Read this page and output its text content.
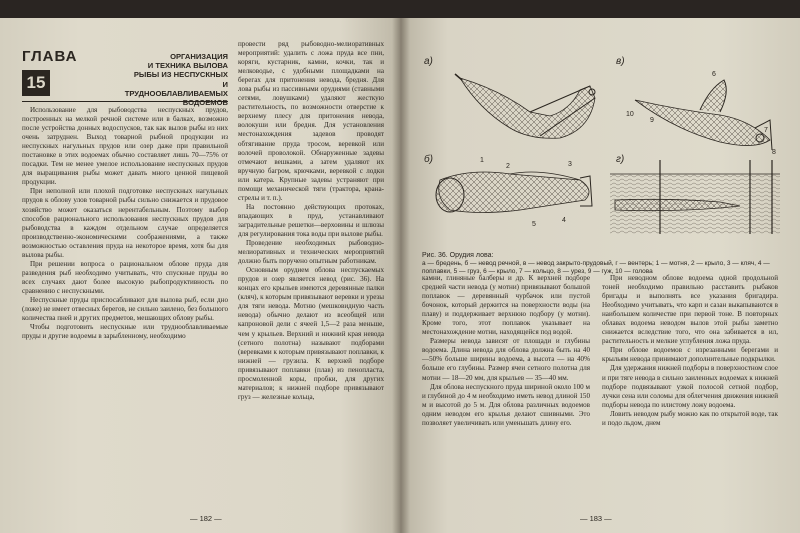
ГЛАВА
15
ОРГАНИЗАЦИЯ
И ТЕХНИКА ВЫЛОВА
РЫБЫ ИЗ НЕСПУСКНЫХ
И
ТРУДНОOБЛАВЛИВАЕМЫХ
ВОДОЕМОВ

Использование для рыбоводства неспускных прудов, построенных на мелкой речной системе или в балках, возможно после устройства донных водоспусков, так как вылов рыбы из них очень затруднен. Выход товарной рыбной продукции из неспускных нагульных прудов или озер даже при правильной постановке в этих водоемах обычно составляет лишь 70—75% от посадки. Тем не менее умелое использование неспускных прудов для выращивания рыбы может давать много ценной пищевой продукции.

При неполной или плохой подготовке неспускных нагульных прудов к облову улов товарной рыбы сильно снижается и прудовое хозяйство может оказаться нерентабельным. Поэтому выбор способов рационального использования неспускных прудов для рыбоводства в каждом отдельном случае определяется производственно-экономическими соображениями, а также возможностью оставления пруда на некоторое время, хотя бы для вылова рыбы.

При решении вопроса о рациональном облове пруда для разведения рыб необходимо учитывать, что спускные пруды во всех случаях дают более высокую рыбопродуктивность по сравнению с неспускными.

Неспускные пруды приспосабливают для вылова рыб, если дно (ложе) не имеет отвесных берегов, не сильно заилено, без большого количества пней и других предметов, мешающих облову рыбы.

Чтобы подготовить неспускные или трудноoблавливаемые пруды и другие водоемы в зарыбленному, необходимо

провести ряд рыбоводно-мелиоративных мероприятий: удалить с ложа пруда все пни, коряги, кустарник, камни, кочки, так и мелководье, с удобными площадками на берегах для притонения невода, бредня. Для лова рыбы из пассивными орудиями (ставными сетями, ловушками) удаляют жесткую растительность, по возможности отверстие к верхнему плесу для притонения невода, волокуши или бредня. Для установления местонахождения задевов проводят обтягивание пруда тросом, веревкой или волочей проволокой. Обнаруженные задевы отмечают вешками, а затем удаляют их вручную багром, крючками, веревкой с лодки или катера. Крупные задевы устраняют при помощи механической тяги (трактора, крана-стрелы и т. п.).

На постоянно действующих протоках, впадающих в пруд, устанавливают заградительные решетки—верховины и шлюзы для регулирования тока воды при вылове рыбы.

Проведение необходимых рыбоводно-мелиоративных и технических мероприятий должно быть поручено опытным работникам.

Основным орудием облова неспускаемых прудов и озер является невод (рис. 36). На концах его крыльев имеются деревянные палки (кляч), к которым привязывают веревки и урезы для тяги невода. Мотню (мешковидную часть невода) обычно делают из всеобщей или капроновой дели с ячеей 1,5—2 раза меньше, чем у крыльев. Верхний и нижний края невода (сетного полотна) называют подборами (веревками к которым привязывают поплавки, к нижней — грузила. К верхней подборе привязывают поплавки (плав) из пенопласта, просмоленной коры, пробки, для других материалов; к нижней подборе привязывают груз — железные кольца,

— 182 —
а)
б)
в)
г)
1
2	3
4
5
6
7
8
9
10
Рис. 36. Орудия лова:
а — бредень, б — невод речной, в — невод закрыто-прудовый, г — вентерь; 1 — мотня, 2 — крыло, 3 — кляч, 4 — поплавки, 5 — груз, 6 — крыло, 7 — кольцо, 8 — урез, 9 — гуж, 10 — голова

камни, глиняные балберы и др. К верхней подборе средней части невода (у мотни) привязывают большой поплавок — деревянный чурбачок или пустой бочонок, который держится на поверхности воды (на плаву) и поддерживает верхнюю подбору (у мотни). Кроме того, этот поплавок указывает на местонахождение мотни, находящейся под водой.

Размеры невода зависят от площади и глубины водоема. Длина невода для облова должна быть на 40—50% больше ширины водоема, а высота — на 40% больше его глубины. Размер ячеи сетного полотна для мотни — 18—20 мм, для крыльев — 35—40 мм.

Для облова неспускного пруда шириной около 100 м и глубиной до 4 м необходимо иметь невод длиной 150 м и высотой до 5 м. Для облова различных водоемов одним неводом его крылья делают сшивными. Это позволяет увеличивать или уменьшать длину его.

При неводном облове водоема одной продольной тоней необходимо правильно расставить рыбаков бригады и выполнять все указания бригадира. Необходимо учитывать, что карп и сазан выкапываются в наибольшем количестве при первой тоне. В повторных облавах водоема неводом вылов этой рыбы заметно снижается вследствие того, что она забивается в ил, растительность и мелкие углубления ложа пруда.

При облове водоемов с изрезанными берегами и крыльям невода принимают дополнительные подкрылки.

Для удержания нижней подборы в поверхностном слое и при тяге невода в сильно заиленных водоемах к нижней подборе подвязывают узкой полосой сетной подбор, лучки сена или соломы для облегчения движения нижней подборы невода по илистому ложу водоема.

Ловить неводом рыбу можно как по открытой воде, так и подо льдом, днем

— 183 —
